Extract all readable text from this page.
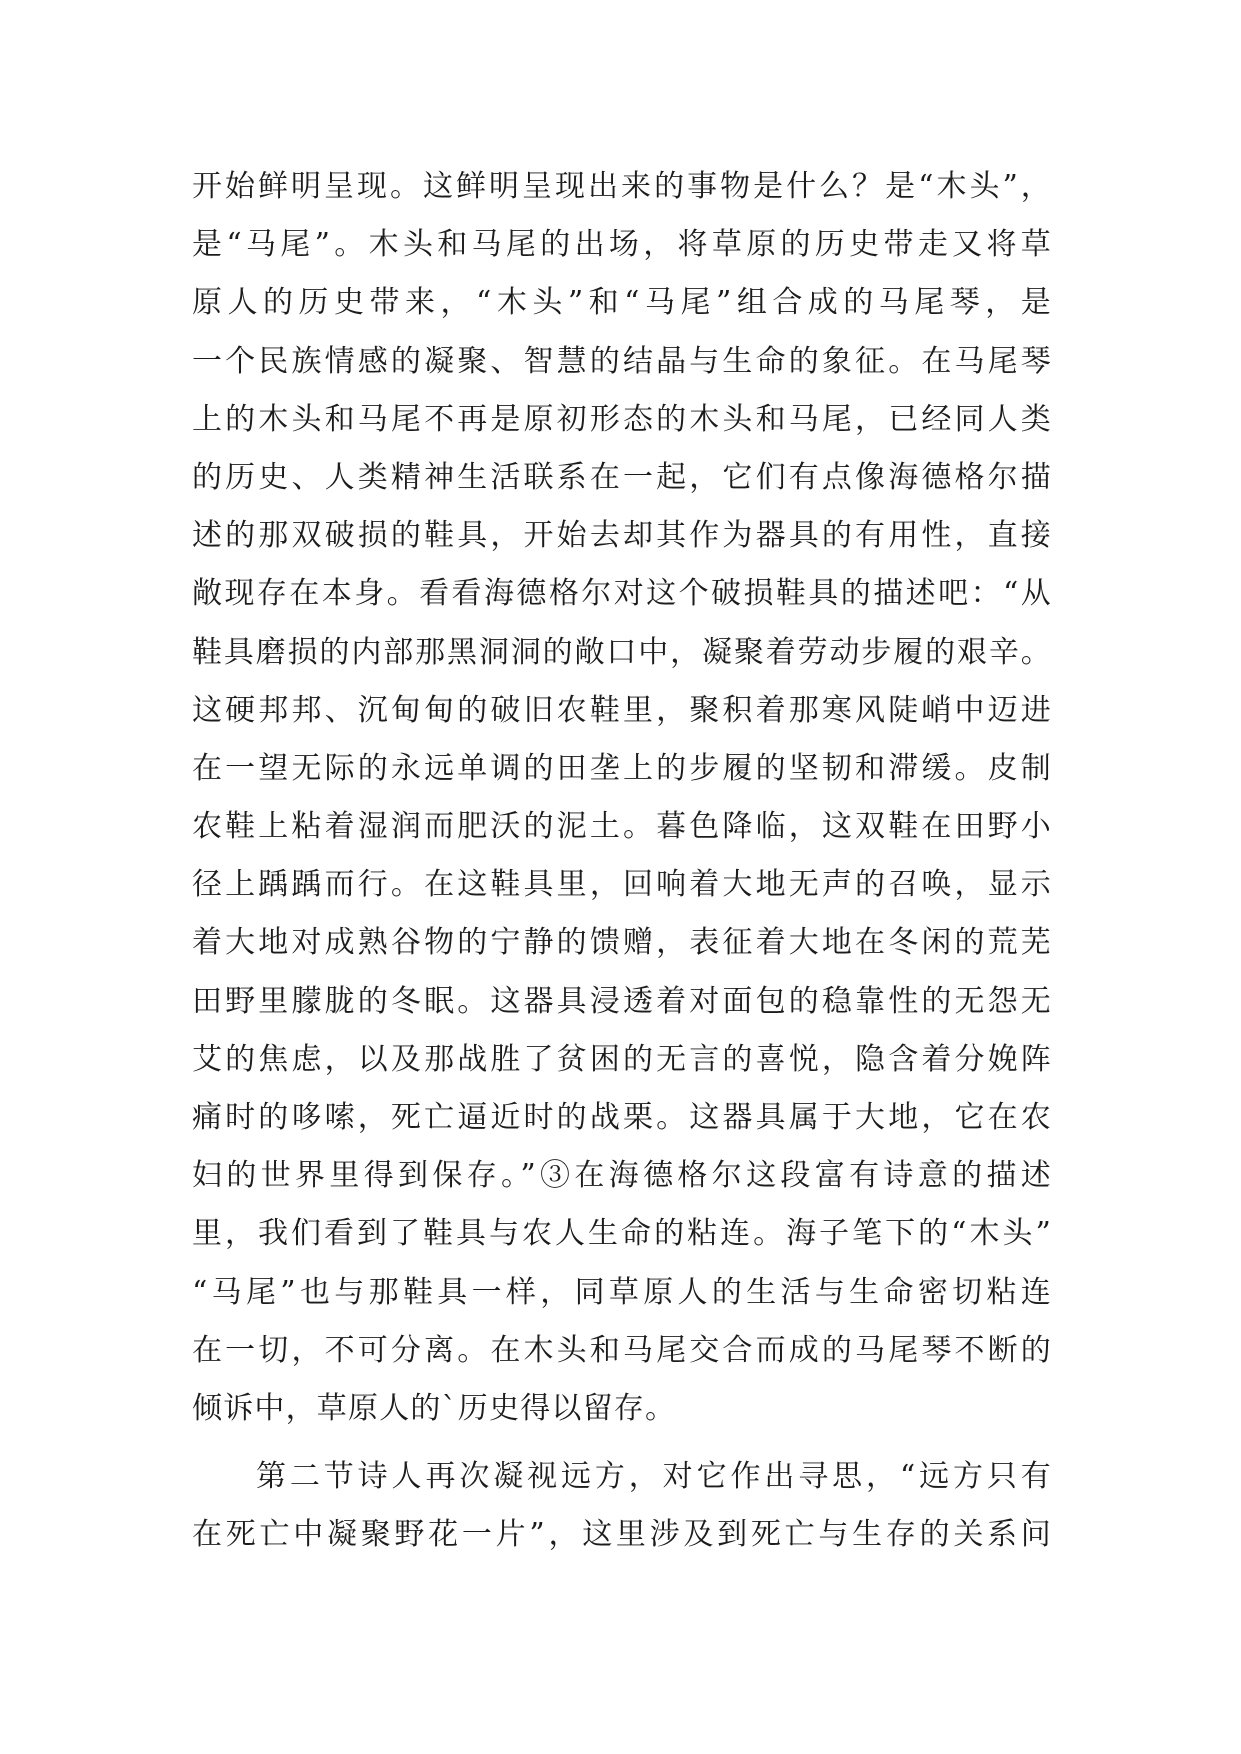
开始鲜明呈现。这鲜明呈现出来的事物是什么？是“木头”，
是“马尾”。木头和马尾的出场，将草原的历史带走又将草
原人的历史带来，“木头”和“马尾”组合成的马尾琴，是
一个民族情感的凝聚、智慧的结晶与生命的象征。在马尾琴
上的木头和马尾不再是原初形态的木头和马尾，已经同人类
的历史、人类精神生活联系在一起，它们有点像海德格尔描
述的那双破损的鞋具，开始去却其作为器具的有用性，直接
敞现存在本身。看看海德格尔对这个破损鞋具的描述吧：“从
鞋具磨损的内部那黑洞洞的敞口中，凝聚着劳动步履的艰辛。
这硬邦邦、沉甸甸的破旧农鞋里，聚积着那寒风陡峭中迈进
在一望无际的永远单调的田垄上的步履的坚韧和滞缓。皮制
农鞋上粘着湿润而肥沃的泥土。暮色降临，这双鞋在田野小
径上踽踽而行。在这鞋具里，回响着大地无声的召唤，显示
着大地对成熟谷物的宁静的馈赠，表征着大地在冬闲的荒芜
田野里朦胧的冬眠。这器具浸透着对面包的稳靠性的无怨无
艾的焦虑，以及那战胜了贫困的无言的喜悦，隐含着分娩阵
痛时的哆嗦，死亡逼近时的战栗。这器具属于大地，它在农
妇的世界里得到保存。”③在海德格尔这段富有诗意的描述
里，我们看到了鞋具与农人生命的粘连。海子笔下的“木头”
“马尾”也与那鞋具一样，同草原人的生活与生命密切粘连
在一切，不可分离。在木头和马尾交合而成的马尾琴不断的
倾诉中，草原人的`历史得以留存。
第二节诗人再次凝视远方，对它作出寻思，“远方只有
在死亡中凝聚野花一片”，这里涉及到死亡与生存的关系问
